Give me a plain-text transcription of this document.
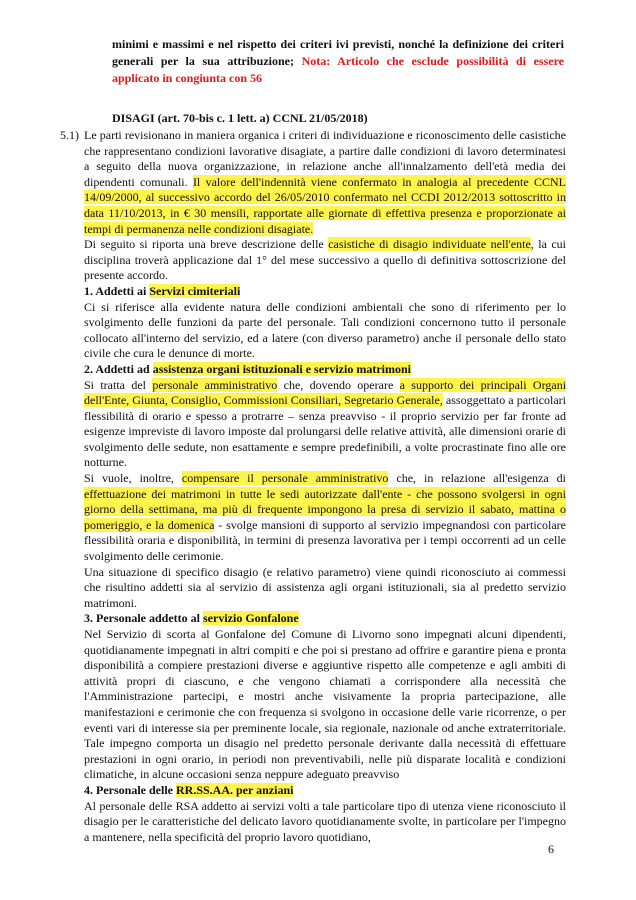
minimi e massimi e nel rispetto dei criteri ivi previsti, nonché la definizione dei criteri generali per la sua attribuzione; Nota: Articolo che esclude possibilità di essere applicato in congiunta con 56
DISAGI (art. 70-bis c. 1 lett. a) CCNL 21/05/2018)
5.1) Le parti revisionano in maniera organica i criteri di individuazione e riconoscimento delle casistiche che rappresentano condizioni lavorative disagiate, a partire dalle condizioni di lavoro determinatesi a seguito della nuova organizzazione, in relazione anche all'innalzamento dell'età media dei dipendenti comunali. Il valore dell'indennità viene confermato in analogia al precedente CCNL 14/09/2000, al successivo accordo del 26/05/2010 confermato nel CCDI 2012/2013 sottoscritto in data 11/10/2013, in € 30 mensili, rapportate alle giornate di effettiva presenza e proporzionate ai tempi di permanenza nelle condizioni disagiate.

Di seguito si riporta una breve descrizione delle casistiche di disagio individuate nell'ente, la cui disciplina troverà applicazione dal 1° del mese successivo a quello di definitiva sottoscrizione del presente accordo.

1. Addetti ai Servizi cimiteriali

Ci si riferisce alla evidente natura delle condizioni ambientali che sono di riferimento per lo svolgimento delle funzioni da parte del personale. Tali condizioni concernono tutto il personale collocato all'interno del servizio, ed a latere (con diverso parametro) anche il personale dello stato civile che cura le denunce di morte.

2. Addetti ad assistenza organi istituzionali e servizio matrimoni

Si tratta del personale amministrativo che, dovendo operare a supporto dei principali Organi dell'Ente, Giunta, Consiglio, Commissioni Consiliari, Segretario Generale, assoggettato a particolari flessibilità di orario e spesso a protrarre – senza preavviso - il proprio servizio per far fronte ad esigenze impreviste di lavoro imposte dal prolungarsi delle relative attività, alle dimensioni orarie di svolgimento delle sedute, non esattamente e sempre predefinibili, a volte procrastinate fino alle ore notturne.

Si vuole, inoltre, compensare il personale amministrativo che, in relazione all'esigenza di effettuazione dei matrimoni in tutte le sedi autorizzate dall'ente - che possono svolgersi in ogni giorno della settimana, ma più di frequente impongono la presa di servizio il sabato, mattina o pomeriggio, e la domenica - svolge mansioni di supporto al servizio impegnandosi con particolare flessibilità oraria e disponibilità, in termini di presenza lavorativa per i tempi occorrenti ad un celle svolgimento delle cerimonie.

Una situazione di specifico disagio (e relativo parametro) viene quindi riconosciuto ai commessi che risultino addetti sia al servizio di assistenza agli organi istituzionali, sia al predetto servizio matrimoni.

3. Personale addetto al servizio Gonfalone

Nel Servizio di scorta al Gonfalone del Comune di Livorno sono impegnati alcuni dipendenti, quotidianamente impegnati in altri compiti e che poi si prestano ad offrire e garantire piena e pronta disponibilità a compiere prestazioni diverse e aggiuntive rispetto alle competenze e agli ambiti di attività propri di ciascuno, e che vengono chiamati a corrispondere alla necessità che l'Amministrazione partecipi, e mostri anche visivamente la propria partecipazione, alle manifestazioni e cerimonie che con frequenza si svolgono in occasione delle varie ricorrenze, o per eventi vari di interesse sia per preminente locale, sia regionale, nazionale od anche extraterritoriale. Tale impegno comporta un disagio nel predetto personale derivante dalla necessità di effettuare prestazioni in ogni orario, in periodi non preventivabili, nelle più disparate località e condizioni climatiche, in alcune occasioni senza neppure adeguato preavviso

4. Personale delle RR.SS.AA. per anziani

Al personale delle RSA addetto ai servizi volti a tale particolare tipo di utenza viene riconosciuto il disagio per le caratteristiche del delicato lavoro quotidianamente svolte, in particolare per l'impegno a mantenere, nella specificità del proprio lavoro quotidiano,

6
